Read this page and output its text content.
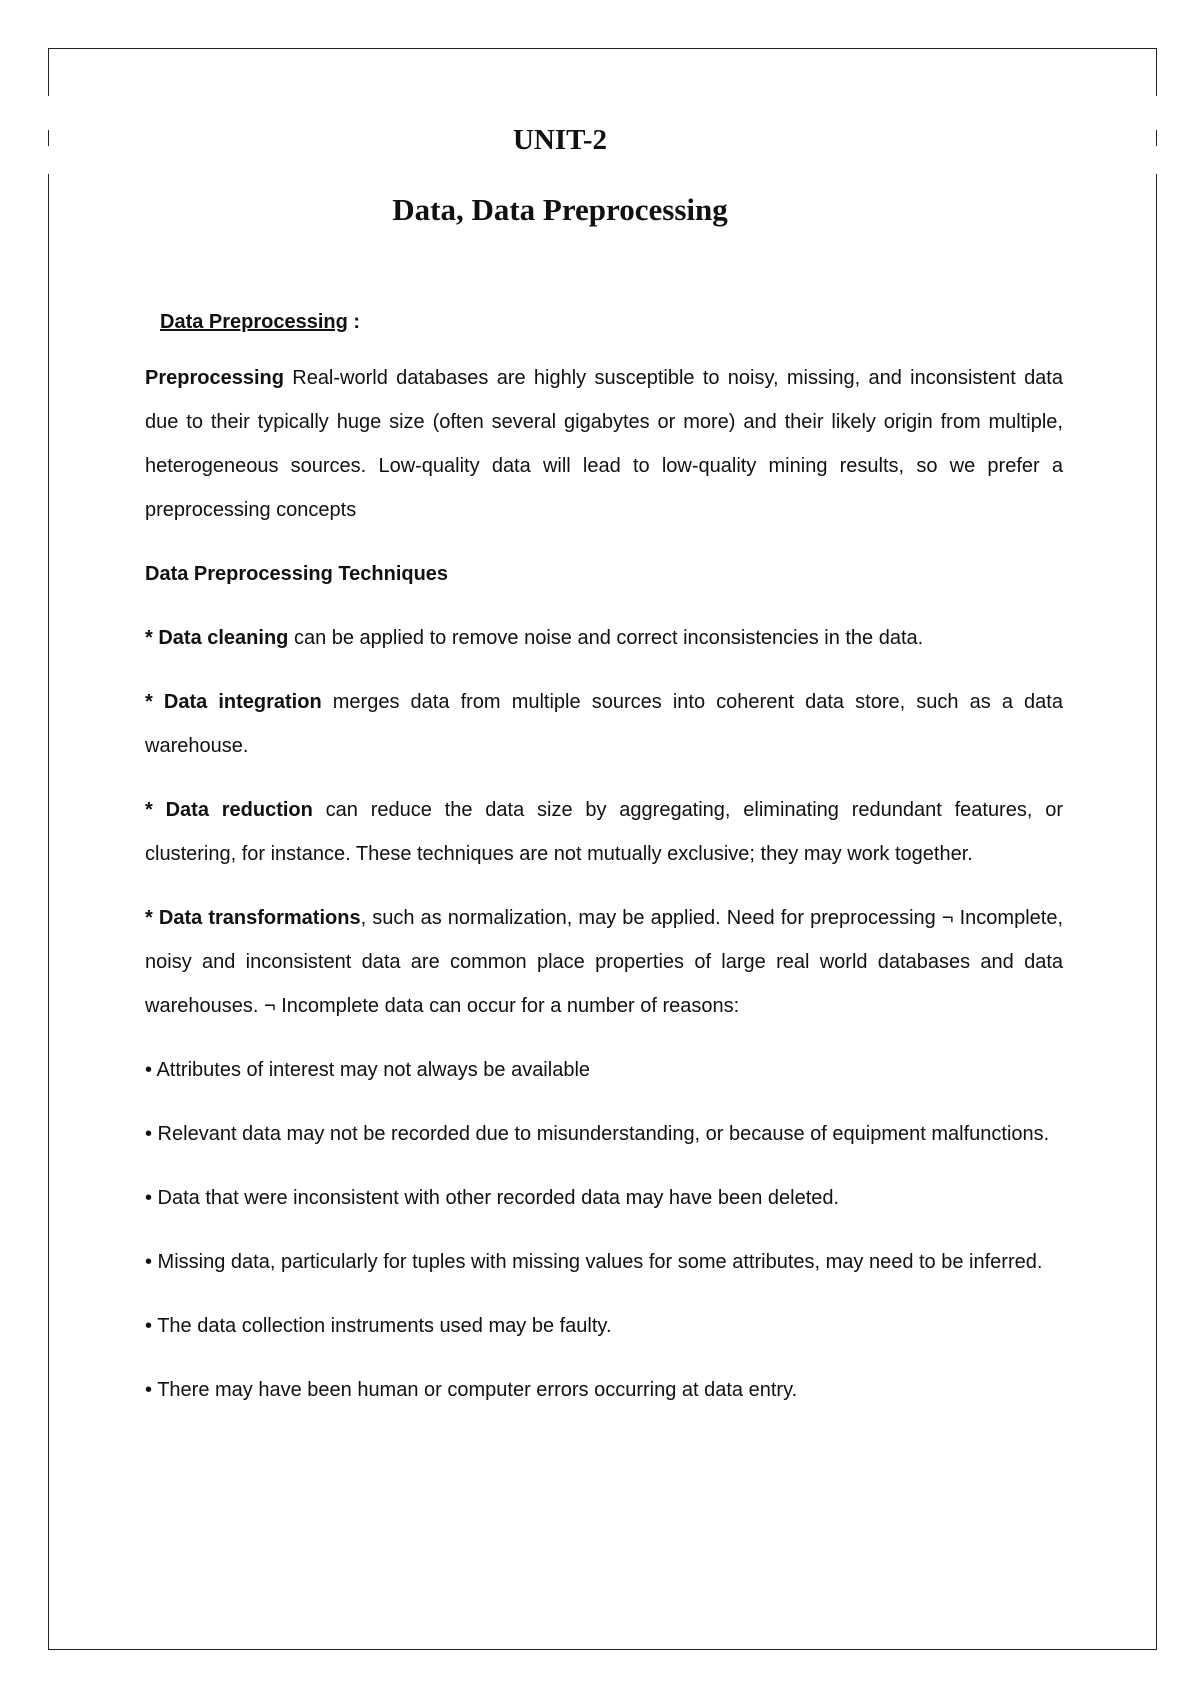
UNIT-2
Data, Data Preprocessing

Data Preprocessing :

Preprocessing Real-world databases are highly susceptible to noisy, missing, and inconsistent data due to their typically huge size (often several gigabytes or more) and their likely origin from multiple, heterogeneous sources. Low-quality data will lead to low-quality mining results, so we prefer a preprocessing concepts

Data Preprocessing Techniques

* Data cleaning can be applied to remove noise and correct inconsistencies in the data.

* Data integration merges data from multiple sources into coherent data store, such as a data warehouse.

* Data reduction can reduce the data size by aggregating, eliminating redundant features, or clustering, for instance. These techniques are not mutually exclusive; they may work together.

* Data transformations, such as normalization, may be applied. Need for preprocessing ¬ Incomplete, noisy and inconsistent data are common place properties of large real world databases and data warehouses. ¬ Incomplete data can occur for a number of reasons:

• Attributes of interest may not always be available

• Relevant data may not be recorded due to misunderstanding, or because of equipment malfunctions.

• Data that were inconsistent with other recorded data may have been deleted.

• Missing data, particularly for tuples with missing values for some attributes, may need to be inferred.

• The data collection instruments used may be faulty.

• There may have been human or computer errors occurring at data entry.
